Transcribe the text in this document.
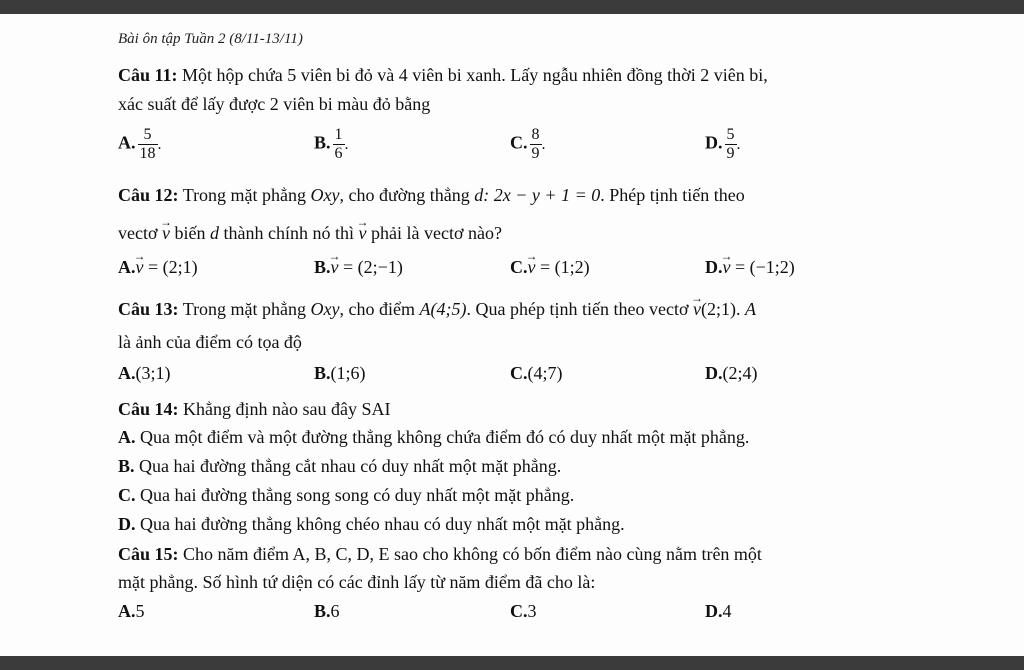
Bài ôn tập Tuần 2 (8/11-13/11)
Câu 11: Một hộp chứa 5 viên bi đỏ và 4 viên bi xanh. Lấy ngẫu nhiên đồng thời 2 viên bi,
xác suất để lấy được 2 viên bi màu đỏ bằng
A. $\frac{5}{18}$ .	B. $\frac{1}{6}$ .	C. $\frac{8}{9}$ .	D. $\frac{5}{9}$ .
Câu 12: Trong mặt phẳng Oxy, cho đường thẳng d: 2x − y + 1 = 0. Phép tịnh tiến theo
vectơ → v biến d thành chính nó thì → v phải là vectơ nào?
A.→ v = (2;1)	B.→ v = (2;−1)	C.→ v = (1;2)	D.→ v = (−1;2)
Câu 13: Trong mặt phẳng Oxy, cho điểm A(4;5). Qua phép tịnh tiến theo vectơ → v(2;1). A
là ảnh của điểm có tọa độ
A.(3;1)	B.(1;6)	C.(4;7)	D.(2;4)
Câu 14: Khẳng định nào sau đây SAI
A. Qua một điểm và một đường thẳng không chứa điểm đó có duy nhất một mặt phẳng.
B. Qua hai đường thẳng cắt nhau có duy nhất một mặt phẳng.
C. Qua hai đường thẳng song song có duy nhất một mặt phẳng.
D. Qua hai đường thẳng không chéo nhau có duy nhất một mặt phẳng.
Câu 15: Cho năm điểm A, B, C, D, E sao cho không có bốn điểm nào cùng nằm trên một
mặt phẳng. Số hình tứ diện có các đỉnh lấy từ năm điểm đã cho là:
A.5	B.6	C.3	D.4
